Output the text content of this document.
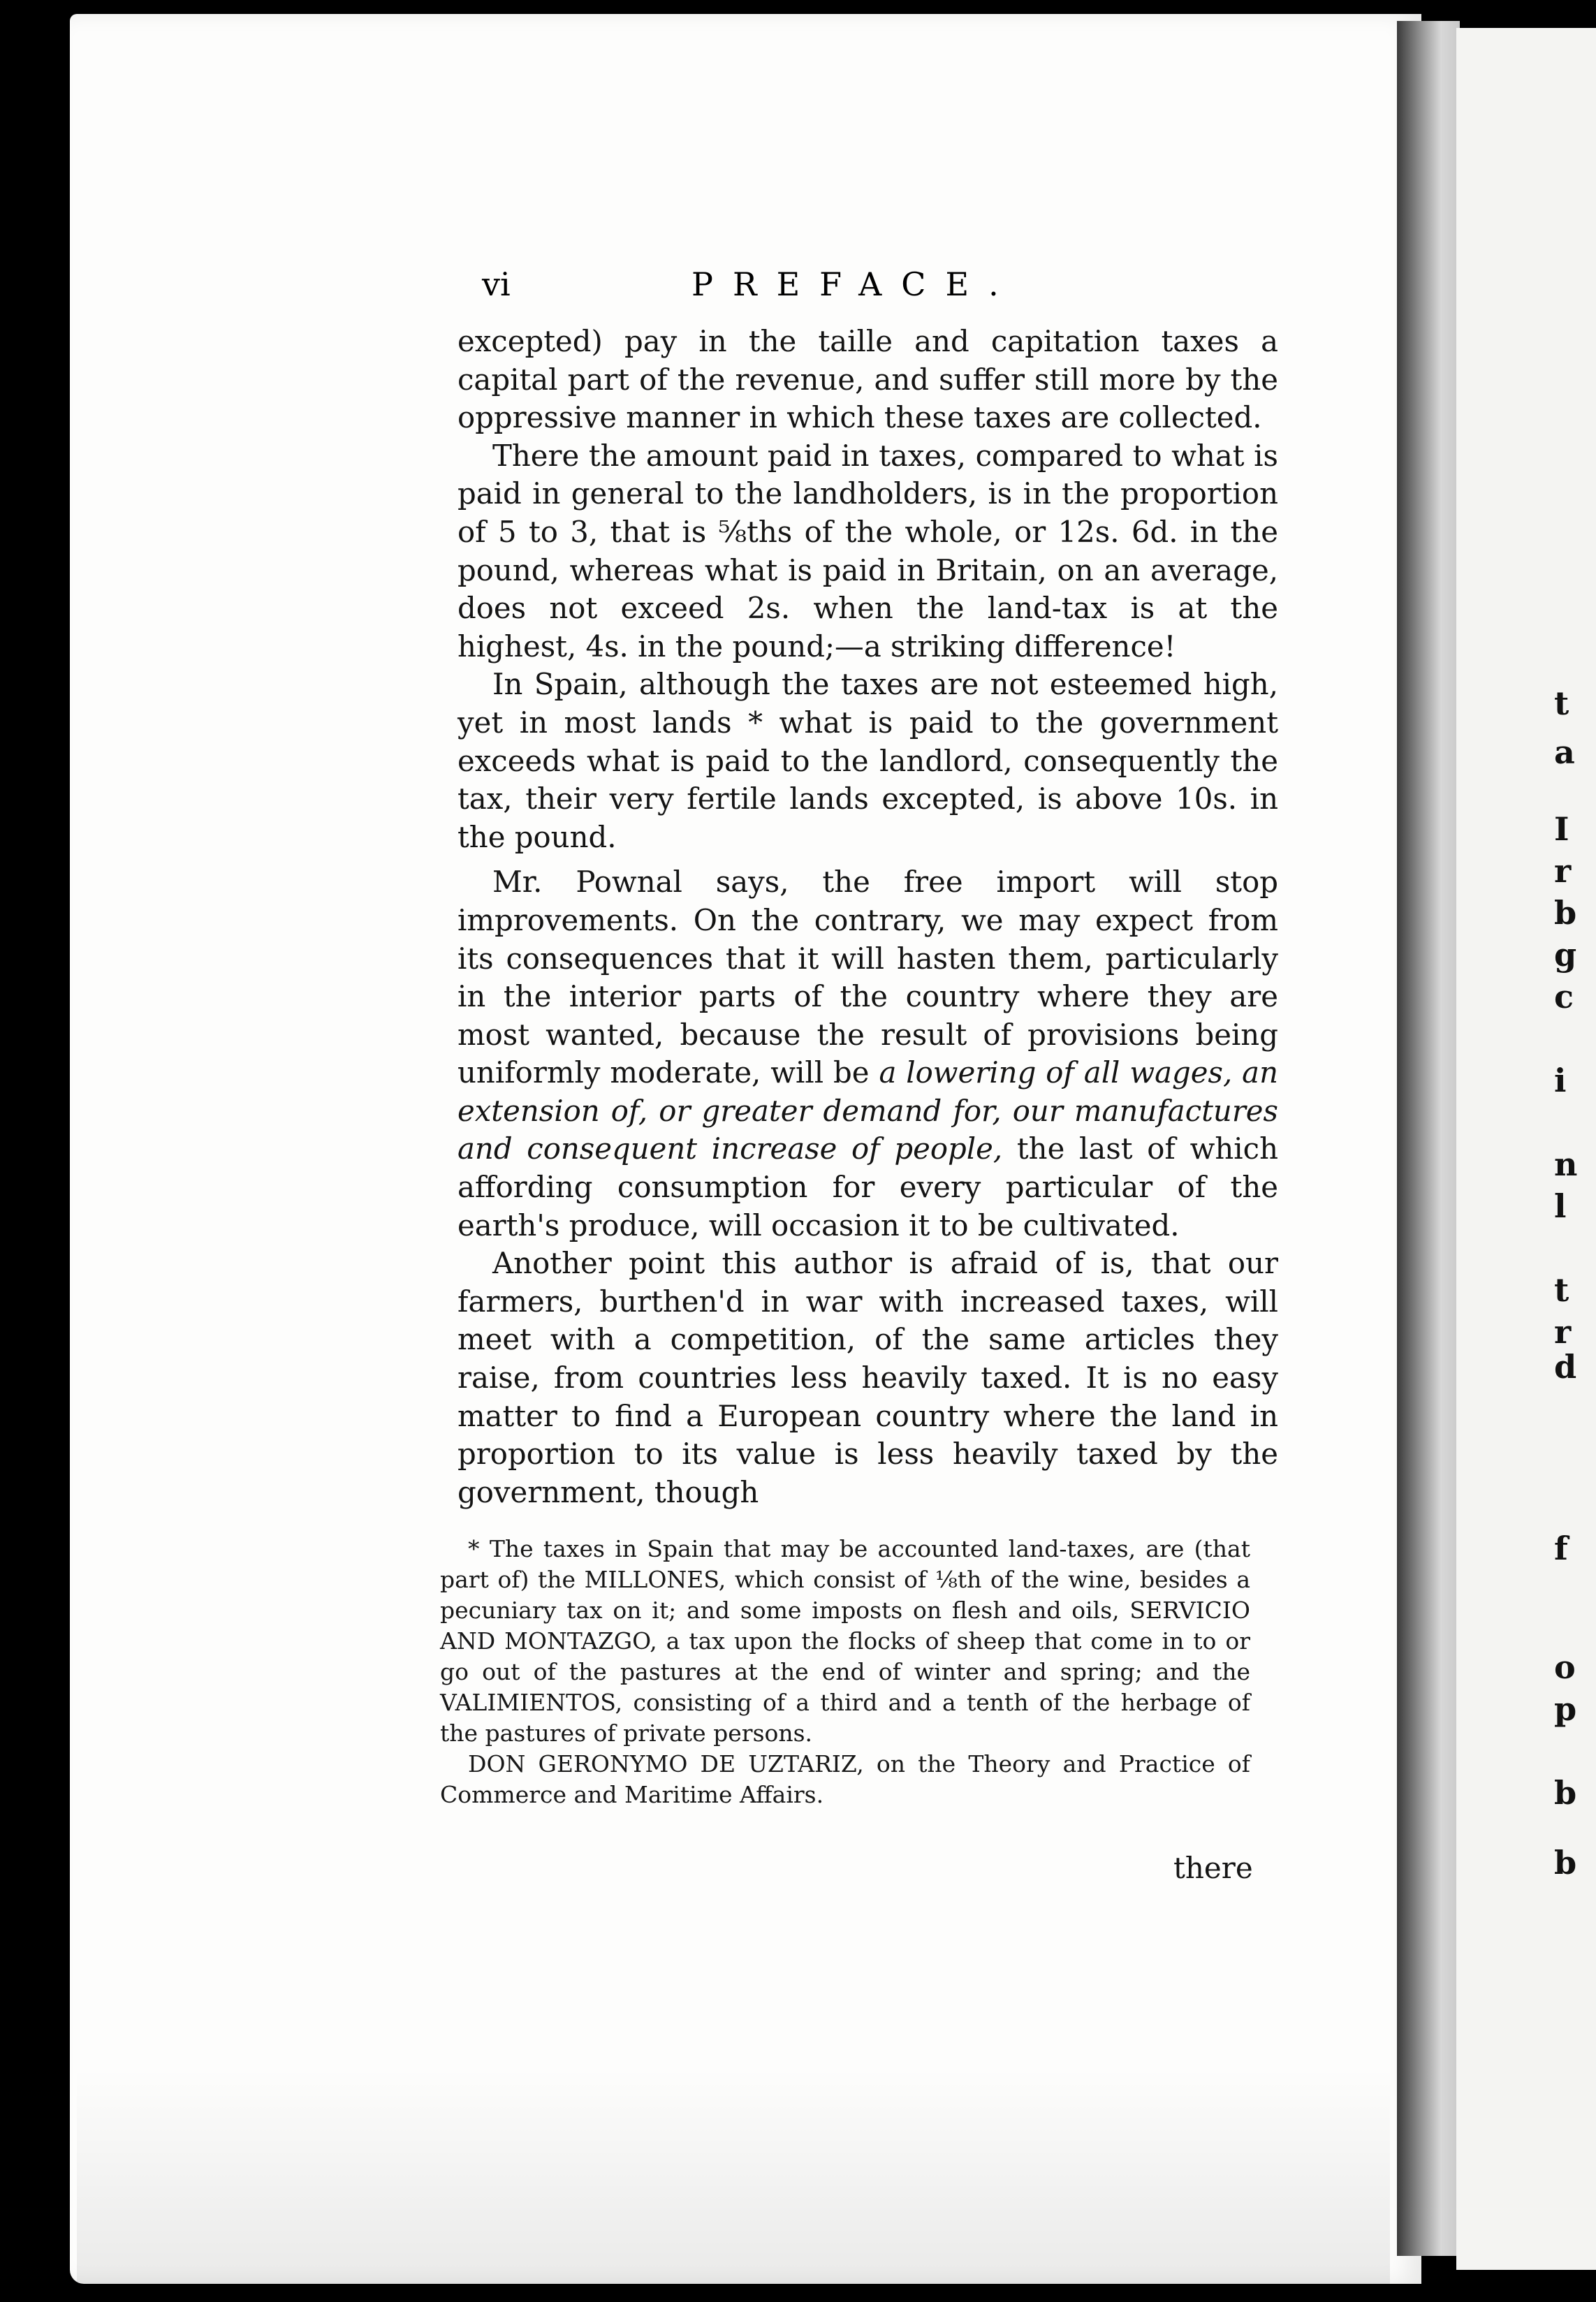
t
a
I
r
b
g
c
i
n
l
t
r
d
f
o
p
b
b
vi	PREFACE.

excepted) pay in the taille and capitation taxes a capital part of the revenue, and suffer still more by the oppressive manner in which these taxes are collected.

There the amount paid in taxes, compared to what is paid in general to the landholders, is in the proportion of 5 to 3, that is ⅝ths of the whole, or 12s. 6d. in the pound, whereas what is paid in Britain, on an average, does not exceed 2s. when the land-tax is at the highest, 4s. in the pound;—a striking difference!

In Spain, although the taxes are not esteemed high, yet in most lands * what is paid to the government exceeds what is paid to the landlord, consequently the tax, their very fertile lands excepted, is above 10s. in the pound.

Mr. Pownal says, the free import will stop improvements. On the contrary, we may expect from its consequences that it will hasten them, particularly in the interior parts of the country where they are most wanted, because the result of provisions being uniformly moderate, will be a lowering of all wages, an extension of, or greater demand for, our manufactures and consequent increase of people, the last of which affording consumption for every particular of the earth's produce, will occasion it to be cultivated.

Another point this author is afraid of is, that our farmers, burthen'd in war with increased taxes, will meet with a competition, of the same articles they raise, from countries less heavily taxed. It is no easy matter to find a European country where the land in proportion to its value is less heavily taxed by the government, though

* The taxes in Spain that may be accounted land-taxes, are (that part of) the MILLONES, which consist of ⅛th of the wine, besides a pecuniary tax on it; and some imposts on flesh and oils, SERVICIO AND MONTAZGO, a tax upon the flocks of sheep that come in to or go out of the pastures at the end of winter and spring; and the VALIMIENTOS, consisting of a third and a tenth of the herbage of the pastures of private persons.

DON GERONYMO DE UZTARIZ, on the Theory and Practice of Commerce and Maritime Affairs.

there
